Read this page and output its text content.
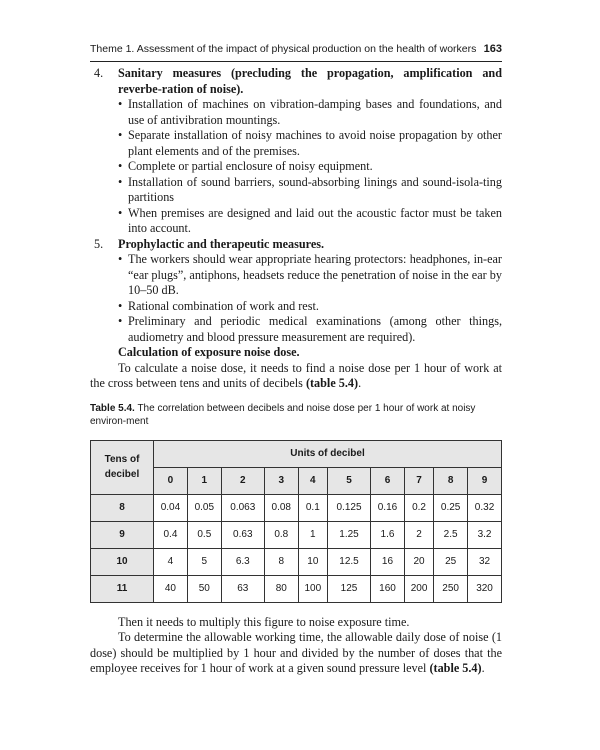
Theme 1. Assessment of the impact of physical production on the health of workers 163
4.	Sanitary measures (precluding the propagation, amplification and reverbe-ration of noise).
• Installation of machines on vibration-damping bases and foundations, and use of antivibration mountings.
• Separate installation of noisy machines to avoid noise propagation by other plant elements and of the premises.
• Complete or partial enclosure of noisy equipment.
• Installation of sound barriers, sound-absorbing linings and sound-isola-ting partitions
• When premises are designed and laid out the acoustic factor must be taken into account.
5.	Prophylactic and therapeutic measures.
• The workers should wear appropriate hearing protectors: headphones, in-ear “ear plugs”, antiphons, headsets reduce the penetration of noise in the ear by 10–50 dB.
• Rational combination of work and rest.
• Preliminary and periodic medical examinations (among other things, audiometry and blood pressure measurement are required).
Calculation of exposure noise dose.

To calculate a noise dose, it needs to find a noise dose per 1 hour of work at the cross between tens and units of decibels (table 5.4).

Table 5.4. The correlation between decibels and noise dose per 1 hour of work at noisy environ-ment
Tens of decibel	Units of decibel									
	0	1	2	3	4	5	6	7	8	9
8	0.04	0.05	0.063	0.08	0.1	0.125	0.16	0.2	0.25	0.32
9	0.4	0.5	0.63	0.8	1	1.25	1.6	2	2.5	3.2
10	4	5	6.3	8	10	12.5	16	20	25	32
11	40	50	63	80	100	125	160	200	250	320

Then it needs to multiply this figure to noise exposure time.

To determine the allowable working time, the allowable daily dose of noise (1 dose) should be multiplied by 1 hour and divided by the number of doses that the employee receives for 1 hour of work at a given sound pressure level (table 5.4).
